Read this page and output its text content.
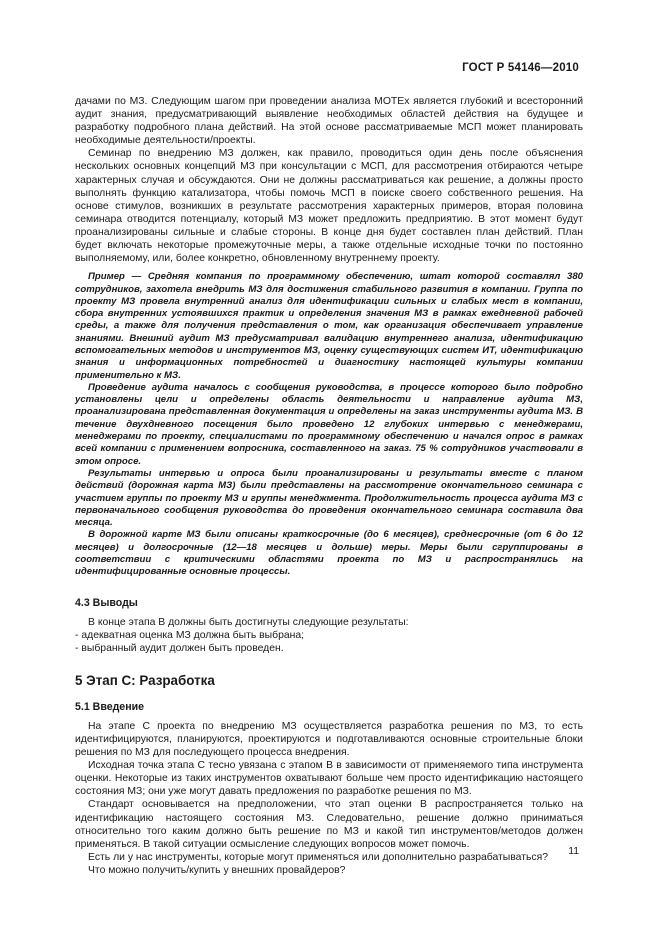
ГОСТ Р 54146—2010

дачами по МЗ. Следующим шагом при проведении анализа МОТЕх является глубокий и всесторонний аудит знания, предусматривающий выявление необходимых областей действия на будущее и разработку подробного плана действий. На этой основе рассматриваемые МСП может планировать необходимые деятельности/проекты.

Семинар по внедрению МЗ должен, как правило, проводиться один день после объяснения нескольких основных концепций МЗ при консультации с МСП, для рассмотрения отбираются четыре характерных случая и обсуждаются. Они не должны рассматриваться как решение, а должны просто выполнять функцию катализатора, чтобы помочь МСП в поиске своего собственного решения. На основе стимулов, возникших в результате рассмотрения характерных примеров, вторая половина семинара отводится потенциалу, который МЗ может предложить предприятию. В этот момент будут проанализированы сильные и слабые стороны. В конце дня будет составлен план действий. План будет включать некоторые промежуточные меры, а также отдельные исходные точки по постоянно выполняемому, или, более конкретно, обновленному внутреннему проекту.

Пример — Средняя компания по программному обеспечению, штат которой составлял 380 сотрудников, захотела внедрить МЗ для достижения стабильного развития в компании. Группа по проекту МЗ провела внутренний анализ для идентификации сильных и слабых мест в компании, сбора внутренних устоявшихся практик и определения значения МЗ в рамках ежедневной рабочей среды, а также для получения представления о том, как организация обеспечивает управление знаниями. Внешний аудит МЗ предусматривал валидацию внутреннего анализа, идентификацию вспомогательных методов и инструментов МЗ, оценку существующих систем ИТ, идентификацию знания и информационных потребностей и диагностику настоящей культуры компании применительно к МЗ.

Проведение аудита началось с сообщения руководства, в процессе которого было подробно установлены цели и определены область деятельности и направление аудита МЗ, проанализирована представленная документация и определены на заказ инструменты аудита МЗ. В течение двухдневного посещения было проведено 12 глубоких интервью с менеджерами, менеджерами по проекту, специалистами по программному обеспечению и начался опрос в рамках всей компании с применением вопросника, составленного на заказ. 75 % сотрудников участвовали в этом опросе.

Результаты интервью и опроса были проанализированы и результаты вместе с планом действий (дорожная карта МЗ) были представлены на рассмотрение окончательного семинара с участием группы по проекту МЗ и группы менеджмента. Продолжительность процесса аудита МЗ с первоначального сообщения руководства до проведения окончательного семинара составила два месяца.

В дорожной карте МЗ были описаны краткосрочные (до 6 месяцев), среднесрочные (от 6 до 12 месяцев) и долгосрочные (12—18 месяцев и дольше) меры. Меры были сгруппированы в соответствии с критическими областями проекта по МЗ и распространялись на идентифицированные основные процессы.

4.3 Выводы

В конце этапа В должны быть достигнуты следующие результаты:

- адекватная оценка МЗ должна быть выбрана;
- выбранный аудит должен быть проведен.
5 Этап С: Разработка
5.1 Введение

На этапе С проекта по внедрению МЗ осуществляется разработка решения по МЗ, то есть идентифицируются, планируются, проектируются и подготавливаются основные строительные блоки решения по МЗ для последующего процесса внедрения.

Исходная точка этапа С тесно увязана с этапом В в зависимости от применяемого типа инструмента оценки. Некоторые из таких инструментов охватывают больше чем просто идентификацию настоящего состояния МЗ; они уже могут давать предложения по разработке решения по МЗ.

Стандарт основывается на предположении, что этап оценки В распространяется только на идентификацию настоящего состояния МЗ. Следовательно, решение должно приниматься относительно того каким должно быть решение по МЗ и какой тип инструментов/методов должен применяться. В такой ситуации осмысление следующих вопросов может помочь.

Есть ли у нас инструменты, которые могут применяться или дополнительно разрабатываться?

Что можно получить/купить у внешних провайдеров?

11
